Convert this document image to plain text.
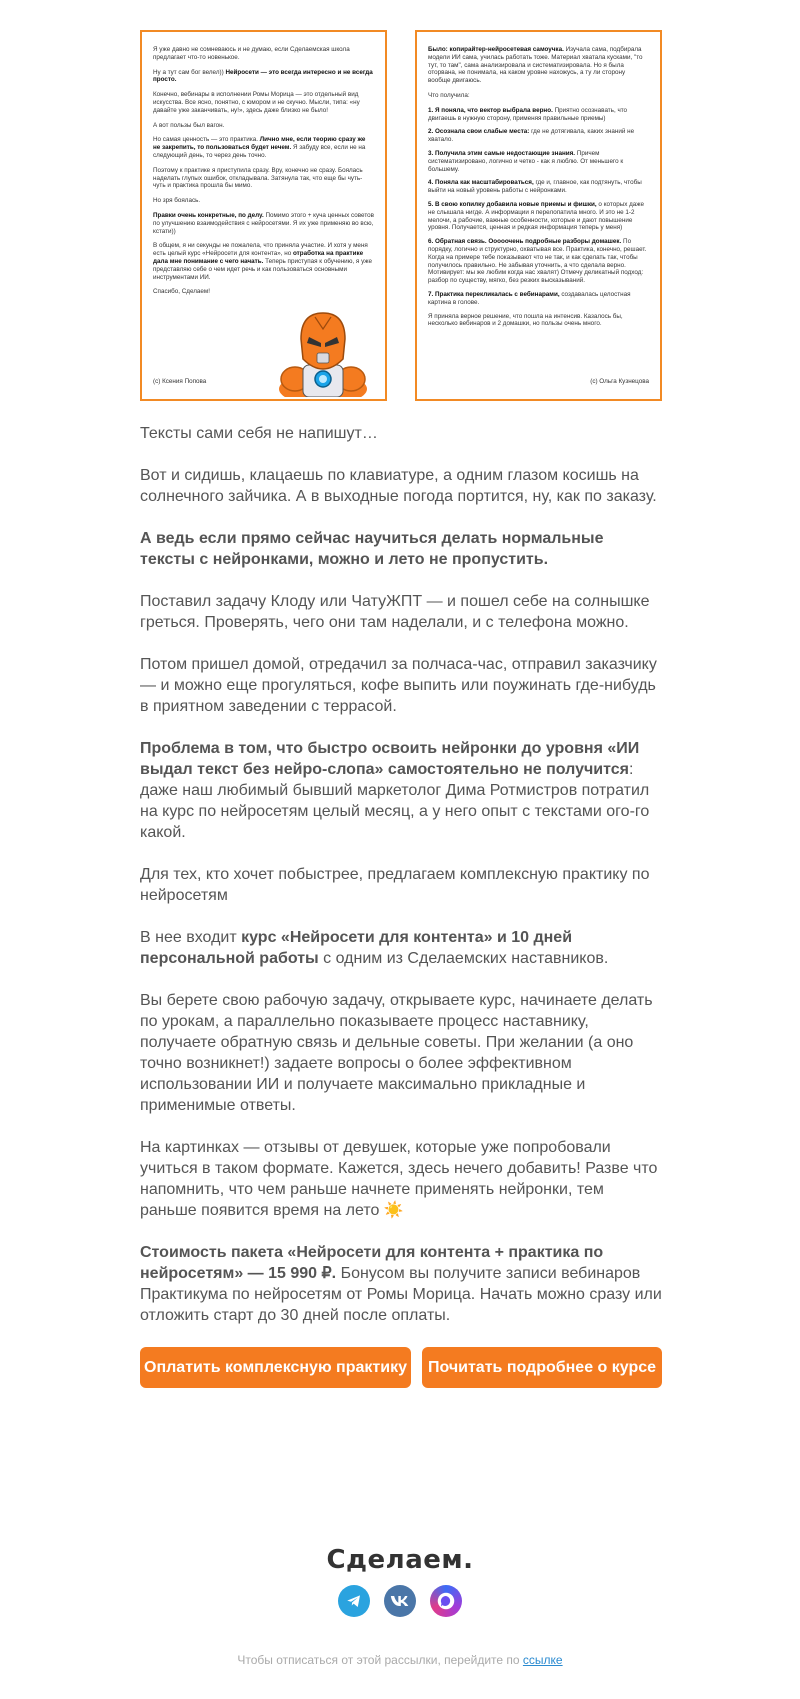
Я уже давно не сомневаюсь и не думаю, если Сделаемская школа предлагает что-то новенькое.

Ну а тут сам бог велел)) Нейросети — это всегда интересно и не всегда просто.

Конечно, вебинары в исполнении Ромы Морица — это отдельный вид искусства. Все ясно, понятно, с юмором и не скучно. Мысли, типа: «ну давайте уже заканчивать, ну!», здесь даже близко не было!

А вот пользы был вагон.

Но самая ценность — это практика. Лично мне, если теорию сразу же не закрепить, то пользоваться будет нечем. Я забуду все, если не на следующий день, то через день точно.

Поэтому к практике я приступила сразу. Вру, конечно не сразу. Боялась наделать глупых ошибок, откладывала. Затянула так, что еще бы чуть-чуть и практика прошла бы мимо.

Но зря боялась.

Правки очень конкретные, по делу. Помимо этого + куча ценных советов по улучшению взаимодействия с нейросетями. Я их уже применяю во всю, кстати))

В общем, я ни секунды не пожалела, что приняла участие. И хотя у меня есть целый курс «Нейросети для контента», но отработка на практике дала мне понимание с чего начать. Теперь приступая к обучению, я уже представляю себе о чем идет речь и как пользоваться основными инструментами ИИ.

Спасибо, Сделаем!

(с) Ксения Попова

Было: копирайтер-нейросетевая самоучка. Изучала сама, подбирала модели ИИ сама, училась работать тоже. Материал хватала кусками, "то тут, то там", сама анализировала и систематизировала. Но я была оторвана, не понимала, на каком уровне нахожусь, а ту ли сторону вообще двигаюсь.

Что получила:

1. Я поняла, что вектор выбрала верно. Приятно осознавать, что двигаешь в нужную сторону, применяя правильные приемы)

2. Осознала свои слабые места: где не дотягивала, каких знаний не хватало.

3. Получила этим самые недостающие знания. Причем систематизировано, логично и четко - как я люблю. От меньшего к большему.

4. Поняла как масштабироваться, где и, главное, как подтянуть, чтобы выйти на новый уровень работы с нейронками.

5. В свою копилку добавила новые приемы и фишки, о которых даже не слышала нигде. А информации я перелопатила много. И это не 1-2 мелочи, а рабочие, важные особенности, которые и дают повышение уровня. Получается, ценная и редкая информация теперь у меня)

6. Обратная связь. Ооооочень подробные разборы домашек. По порядку, логично и структурно, охватывая все. Практика, конечно, решает. Когда на примере тебе показывают что не так, и как сделать так, чтобы получилось правильно. Не забывая уточнить, а что сделала верно. Мотивирует: мы же любим когда нас хвалят) Отмечу деликатный подход: разбор по существу, мягко, без резких высказываний.

7. Практика перекликалась с вебинарами, создавалась целостная картина в голове.

Я приняла верное решение, что пошла на интенсив. Казалось бы, несколько вебинаров и 2 домашки, но пользы очень много.

(с) Ольга Кузнецова

Тексты сами себя не напишут…

Вот и сидишь, клацаешь по клавиатуре, а одним глазом косишь на солнечного зайчика. А в выходные погода портится, ну, как по заказу.

А ведь если прямо сейчас научиться делать нормальные тексты с нейронками, можно и лето не пропустить.

Поставил задачу Клоду или ЧатуЖПТ — и пошел себе на солнышке греться. Проверять, чего они там наделали, и с телефона можно.

Потом пришел домой, отредачил за полчаса-час, отправил заказчику — и можно еще прогуляться, кофе выпить или поужинать где-нибудь в приятном заведении с террасой.

Проблема в том, что быстро освоить нейронки до уровня «ИИ выдал текст без нейро-слопа» самостоятельно не получится: даже наш любимый бывший маркетолог Дима Ротмистров потратил на курс по нейросетям целый месяц, а у него опыт с текстами ого-го какой.

Для тех, кто хочет побыстрее, предлагаем комплексную практику по нейросетям

В нее входит курс «Нейросети для контента» и 10 дней персональной работы с одним из Сделаемских наставников.

Вы берете свою рабочую задачу, открываете курс, начинаете делать по урокам, а параллельно показываете процесс наставнику, получаете обратную связь и дельные советы. При желании (а оно точно возникнет!) задаете вопросы о более эффективном использовании ИИ и получаете максимально прикладные и применимые ответы.

На картинках — отзывы от девушек, которые уже попробовали учиться в таком формате. Кажется, здесь нечего добавить! Разве что напомнить, что чем раньше начнете применять нейронки, тем раньше появится время на лето ☀️

Стоимость пакета «Нейросети для контента + практика по нейросетям» — 15 990 ₽. Бонусом вы получите записи вебинаров Практикума по нейросетям от Ромы Морица. Начать можно сразу или отложить старт до 30 дней после оплаты.

Оплатить комплексную практику	Почитать подробнее о курсе
Сделаем.
Чтобы отписаться от этой рассылки, перейдите по ссылке
